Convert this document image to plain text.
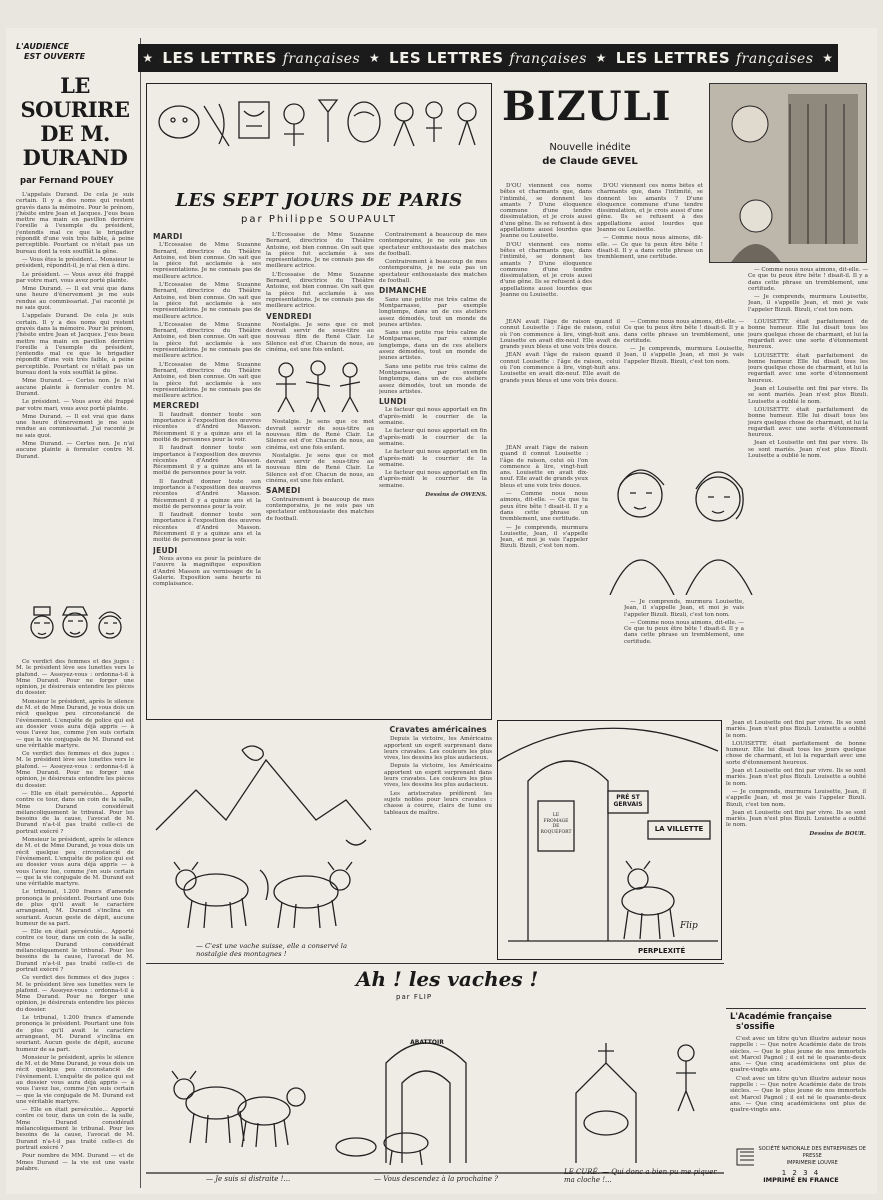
L'AUDIENCE
EST OUVERTE
LE SOURIRE
DE M. DURAND
par Fernand POUEY

L'appelais Durand. De cela je suis certain. Il y a des noms qui restent gravés dans la mémoire. Pour le prénom, j'hésite entre Jean et Jacques. J'eus beau mettre ma main en pavillon derrière l'oreille à l'exemple du président, j'entendis mal ce que le brigadier répondit d'une voix très faible, à peine perceptible. Pourtant ce n'était pas un bureau dont la voix soufflât la gêne.

— Vous êtes le président… Monsieur le président, répondit-il, je n'ai rien à dire.

Le président. — Vous avez été frappé par votre mari, vous avez porté plainte.

Mme Durand. — Il est vrai que dans une heure d'énervement je me suis rendue au commissariat. J'ai raconté je ne sais quoi.

L'appelais Durand. De cela je suis certain. Il y a des noms qui restent gravés dans la mémoire. Pour le prénom, j'hésite entre Jean et Jacques. J'eus beau mettre ma main en pavillon derrière l'oreille à l'exemple du président, j'entendis mal ce que le brigadier répondit d'une voix très faible, à peine perceptible. Pourtant ce n'était pas un bureau dont la voix soufflât la gêne.

Mme Durand. — Certes non. Je n'ai aucune plainte à formuler contre M. Durand.

Le président. — Vous avez été frappé par votre mari, vous avez porté plainte.

Mme Durand. — Il est vrai que dans une heure d'énervement je me suis rendue au commissariat. J'ai raconté je ne sais quoi.

Mme Durand. — Certes non. Je n'ai aucune plainte à formuler contre M. Durand.

Ce verdict des femmes et des juges : M. le président lève ses lunettes vers le plafond. — Asseyez-vous : ordonna-t-il à Mme Durand. Pour ne forger une opinion, je désirerais entendre les pièces du dossier.

Monsieur le président, après le silence de M. et de Mme Durand, je vous dois un récit quelque peu circonstancié de l'événement. L'enquête de police qui est au dossier vous aura déjà appris — à vous l'avez lue, comme j'en suis certain — que la vie conjugale de M. Durand est une véritable martyre.

Ce verdict des femmes et des juges : M. le président lève ses lunettes vers le plafond. — Asseyez-vous : ordonna-t-il à Mme Durand. Pour ne forger une opinion, je désirerais entendre les pièces du dossier.

— Elle en était persécutée… Apporté contre ce tour, dans un coin de la salle, Mme Durand considérait mélancoliquement le tribunal. Pour les besoins de la cause, l'avocat de M. Durand n'a-t-il pas traité celle-ci de portrait exécré ?

Monsieur le président, après le silence de M. et de Mme Durand, je vous dois un récit quelque peu circonstancié de l'événement. L'enquête de police qui est au dossier vous aura déjà appris — à vous l'avez lue, comme j'en suis certain — que la vie conjugale de M. Durand est une véritable martyre.

Le tribunal, 1.200 francs d'amende prononça le président. Pourtant une fois de plus qu'il avait le caractère arrangeant, M. Durand s'inclina en souriant. Aucun geste de dépit, aucune humeur de sa part.

— Elle en était persécutée… Apporté contre ce tour, dans un coin de la salle, Mme Durand considérait mélancoliquement le tribunal. Pour les besoins de la cause, l'avocat de M. Durand n'a-t-il pas traité celle-ci de portrait exécré ?

Ce verdict des femmes et des juges : M. le président lève ses lunettes vers le plafond. — Asseyez-vous : ordonna-t-il à Mme Durand. Pour ne forger une opinion, je désirerais entendre les pièces du dossier.

Le tribunal, 1.200 francs d'amende prononça le président. Pourtant une fois de plus qu'il avait le caractère arrangeant, M. Durand s'inclina en souriant. Aucun geste de dépit, aucune humeur de sa part.

Monsieur le président, après le silence de M. et de Mme Durand, je vous dois un récit quelque peu circonstancié de l'événement. L'enquête de police qui est au dossier vous aura déjà appris — à vous l'avez lue, comme j'en suis certain — que la vie conjugale de M. Durand est une véritable martyre.

— Elle en était persécutée… Apporté contre ce tour, dans un coin de la salle, Mme Durand considérait mélancoliquement le tribunal. Pour les besoins de la cause, l'avocat de M. Durand n'a-t-il pas traité celle-ci de portrait exécré ?

Pour nombre de MM. Durand — et de Mmes Durand — la vie est une vaste palabre.

★ LES LETTRES françaises ★ LES LETTRES françaises ★ LES LETTRES françaises ★
LES SEPT JOURS DE PARIS
par Philippe SOUPAULT
MARDI

L'Ecossaise de Mme Suzanne Bernard, directrice du Théâtre Antoine, est bien connue. On sait que la pièce fut acclamée à ses représentations. Je ne connais pas de meilleure actrice.

L'Ecossaise de Mme Suzanne Bernard, directrice du Théâtre Antoine, est bien connue. On sait que la pièce fut acclamée à ses représentations. Je ne connais pas de meilleure actrice.

L'Ecossaise de Mme Suzanne Bernard, directrice du Théâtre Antoine, est bien connue. On sait que la pièce fut acclamée à ses représentations. Je ne connais pas de meilleure actrice.

L'Ecossaise de Mme Suzanne Bernard, directrice du Théâtre Antoine, est bien connue. On sait que la pièce fut acclamée à ses représentations. Je ne connais pas de meilleure actrice.

MERCREDI

Il faudrait donner toute son importance à l'exposition des œuvres récentes d'André Masson. Récemment il y a quinze ans et la moitié de personnes pour la voir.

Il faudrait donner toute son importance à l'exposition des œuvres récentes d'André Masson. Récemment il y a quinze ans et la moitié de personnes pour la voir.

Il faudrait donner toute son importance à l'exposition des œuvres récentes d'André Masson. Récemment il y a quinze ans et la moitié de personnes pour la voir.

Il faudrait donner toute son importance à l'exposition des œuvres récentes d'André Masson. Récemment il y a quinze ans et la moitié de personnes pour la voir.

JEUDI

Nous avons eu pour la peinture de l'œuvre la magnifique exposition d'André Masson au vernissage de la Galerie. Exposition sans heurts ni complaisance.

L'Ecossaise de Mme Suzanne Bernard, directrice du Théâtre Antoine, est bien connue. On sait que la pièce fut acclamée à ses représentations. Je ne connais pas de meilleure actrice.

L'Ecossaise de Mme Suzanne Bernard, directrice du Théâtre Antoine, est bien connue. On sait que la pièce fut acclamée à ses représentations. Je ne connais pas de meilleure actrice.

VENDREDI

Nostalgie. Je sens que ce mot devrait servir de sous-titre au nouveau film de René Clair. Le Silence est d'or. Chacun de nous, au cinéma, est une fois enfant.

Nostalgie. Je sens que ce mot devrait servir de sous-titre au nouveau film de René Clair. Le Silence est d'or. Chacun de nous, au cinéma, est une fois enfant.

Nostalgie. Je sens que ce mot devrait servir de sous-titre au nouveau film de René Clair. Le Silence est d'or. Chacun de nous, au cinéma, est une fois enfant.

SAMEDI

Contrairement à beaucoup de mes contemporains, je ne suis pas un spectateur enthousiaste des matches de football.

Contrairement à beaucoup de mes contemporains, je ne suis pas un spectateur enthousiaste des matches de football.

Contrairement à beaucoup de mes contemporains, je ne suis pas un spectateur enthousiaste des matches de football.

DIMANCHE

Sans une petite rue très calme de Montparnasse, par exemple longtemps, dans un de ces ateliers assez démodés, tout un monde de jeunes artistes.

Sans une petite rue très calme de Montparnasse, par exemple longtemps, dans un de ces ateliers assez démodés, tout un monde de jeunes artistes.

Sans une petite rue très calme de Montparnasse, par exemple longtemps, dans un de ces ateliers assez démodés, tout un monde de jeunes artistes.

LUNDI

Le facteur qui nous apportait en fin d'après-midi le courrier de la semaine.

Le facteur qui nous apportait en fin d'après-midi le courrier de la semaine.

Le facteur qui nous apportait en fin d'après-midi le courrier de la semaine.

Le facteur qui nous apportait en fin d'après-midi le courrier de la semaine.

Dessins de OWENS.
Cravates américaines

Depuis la victoire, les Américains apportent un esprit surprenant dans leurs cravates. Les couleurs les plus vives, les dessins les plus audacieux.

Depuis la victoire, les Américains apportent un esprit surprenant dans leurs cravates. Les couleurs les plus vives, les dessins les plus audacieux.

Les aristocrates préfèrent les sujets nobles pour leurs cravates : chasse à courre, clairs de lune ou tableaux de maître.

— C'est une vache suisse, elle a conservé la nostalgie des montagnes !
PRÉ ST GERVAIS
LA VILLETTE
LE FROMAGE DE ROQUEFORT
Flip
PERPLEXITÉ
BIZULI
Nouvelle inédite
de Claude GEVEL

D'OU viennent ces noms bêtes et charmants que, dans l'intimité, se donnent les amants ? D'une éloquence commune d'une tendre dissimulation, et je crois aussi d'une gêne. Ils se refusent à des appellations aussi lourdes que Jeanne ou Louisette.

D'OU viennent ces noms bêtes et charmants que, dans l'intimité, se donnent les amants ? D'une éloquence commune d'une tendre dissimulation, et je crois aussi d'une gêne. Ils se refusent à des appellations aussi lourdes que Jeanne ou Louisette.

D'OU viennent ces noms bêtes et charmants que, dans l'intimité, se donnent les amants ? D'une éloquence commune d'une tendre dissimulation, et je crois aussi d'une gêne. Ils se refusent à des appellations aussi lourdes que Jeanne ou Louisette.

— Comme nous nous aimons, dit-elle. — Ce que tu peux être bête ! disait-il. Il y a dans cette phrase un tremblement, une certitude.

JEAN avait l'âge de raison quand il connut Louisette : l'âge de raison, celui où l'on commence à lire, vingt-huit ans. Louisette en avait dix-neuf. Elle avait de grands yeux bleus et une voix très douce.

JEAN avait l'âge de raison quand il connut Louisette : l'âge de raison, celui où l'on commence à lire, vingt-huit ans. Louisette en avait dix-neuf. Elle avait de grands yeux bleus et une voix très douce.

— Comme nous nous aimons, dit-elle. — Ce que tu peux être bête ! disait-il. Il y a dans cette phrase un tremblement, une certitude.

— Je comprends, murmura Louisette, Jean, il s'appelle Jean, et moi je vais l'appeler Bizuli. Bizuli, c'est ton nom.

JEAN avait l'âge de raison quand il connut Louisette : l'âge de raison, celui où l'on commence à lire, vingt-huit ans. Louisette en avait dix-neuf. Elle avait de grands yeux bleus et une voix très douce.

— Comme nous nous aimons, dit-elle. — Ce que tu peux être bête ! disait-il. Il y a dans cette phrase un tremblement, une certitude.

— Je comprends, murmura Louisette, Jean, il s'appelle Jean, et moi je vais l'appeler Bizuli. Bizuli, c'est ton nom.

— Je comprends, murmura Louisette, Jean, il s'appelle Jean, et moi je vais l'appeler Bizuli. Bizuli, c'est ton nom.

— Comme nous nous aimons, dit-elle. — Ce que tu peux être bête ! disait-il. Il y a dans cette phrase un tremblement, une certitude.

— Comme nous nous aimons, dit-elle. — Ce que tu peux être bête ! disait-il. Il y a dans cette phrase un tremblement, une certitude.

— Je comprends, murmura Louisette, Jean, il s'appelle Jean, et moi je vais l'appeler Bizuli. Bizuli, c'est ton nom.

LOUISETTE était parfaitement de bonne humeur. Elle lui disait tous les jours quelque chose de charmant, et lui la regardait avec une sorte d'étonnement heureux.

LOUISETTE était parfaitement de bonne humeur. Elle lui disait tous les jours quelque chose de charmant, et lui la regardait avec une sorte d'étonnement heureux.

Jean et Louisette ont fini par vivre. Ils se sont mariés. Jean n'est plus Bizuli. Louisette a oublié le nom.

LOUISETTE était parfaitement de bonne humeur. Elle lui disait tous les jours quelque chose de charmant, et lui la regardait avec une sorte d'étonnement heureux.

Jean et Louisette ont fini par vivre. Ils se sont mariés. Jean n'est plus Bizuli. Louisette a oublié le nom.

Jean et Louisette ont fini par vivre. Ils se sont mariés. Jean n'est plus Bizuli. Louisette a oublié le nom.

LOUISETTE était parfaitement de bonne humeur. Elle lui disait tous les jours quelque chose de charmant, et lui la regardait avec une sorte d'étonnement heureux.

Jean et Louisette ont fini par vivre. Ils se sont mariés. Jean n'est plus Bizuli. Louisette a oublié le nom.

— Je comprends, murmura Louisette, Jean, il s'appelle Jean, et moi je vais l'appeler Bizuli. Bizuli, c'est ton nom.

Jean et Louisette ont fini par vivre. Ils se sont mariés. Jean n'est plus Bizuli. Louisette a oublié le nom.

Dessins de BOUR.
L'Académie française
s'ossifie

C'est avec un titre qu'un illustre auteur nous rappelle : — Que notre Académie date de trois siècles. — Que le plus jeune de nos immortels est Marcel Pagnol ; il est né le quarante-deux ans. — Que cinq académiciens ont plus de quatre-vingts ans.

C'est avec un titre qu'un illustre auteur nous rappelle : — Que notre Académie date de trois siècles. — Que le plus jeune de nos immortels est Marcel Pagnol ; il est né le quarante-deux ans. — Que cinq académiciens ont plus de quatre-vingts ans.

SOCIÉTÉ NATIONALE DES ENTREPRISES DE PRESSE
IMPRIMERIE LOUVRE
1 2 3 4
IMPRIMÉ EN FRANCE
Ah ! les vaches !
par FLIP
ABATTOIR
— Je suis si distraite !...	— Vous descendez à la prochaine ?
LE CURÉ. — Qui donc a bien pu me piquer ma cloche !...
